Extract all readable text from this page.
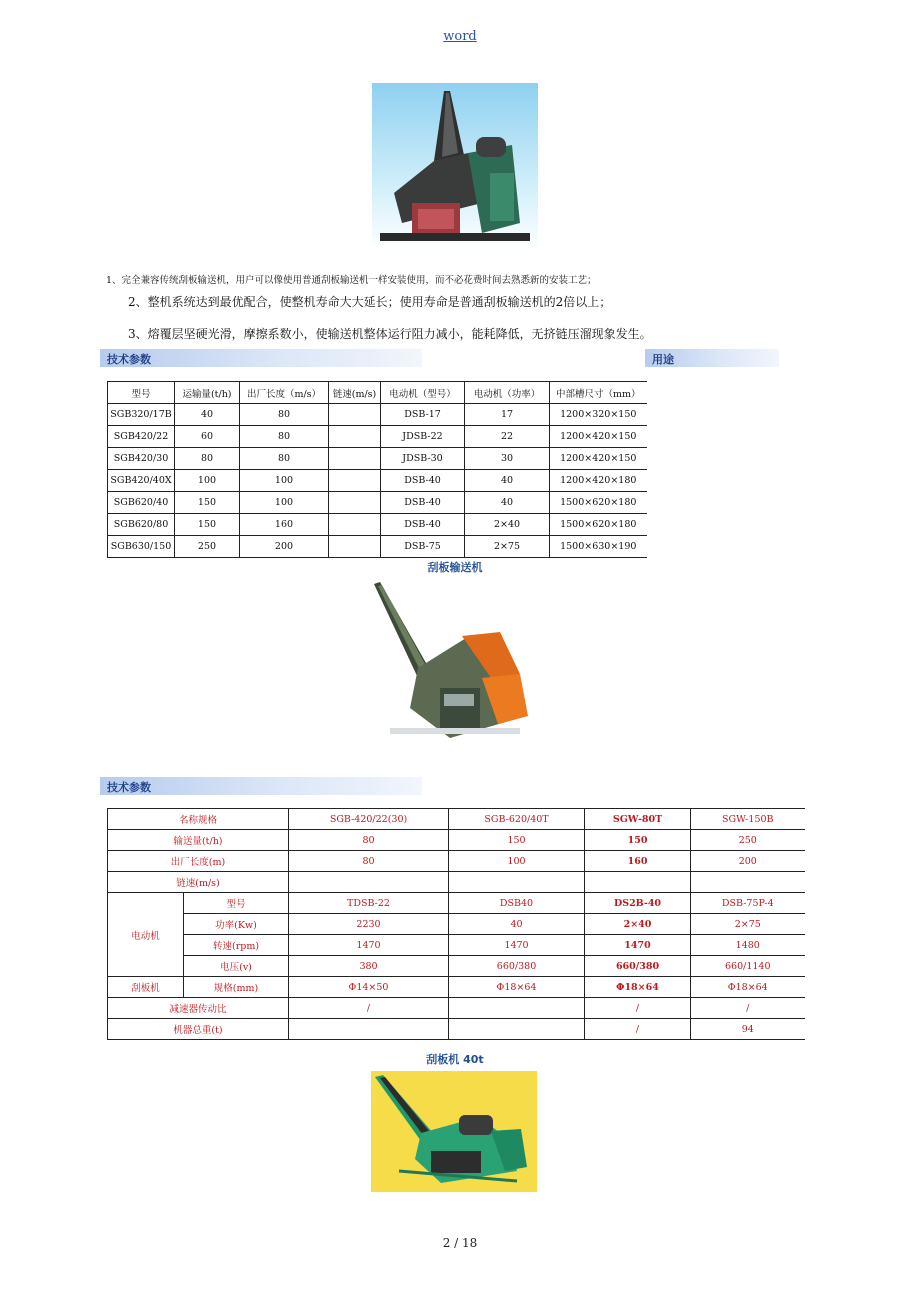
word
1、完全兼容传统刮板输送机，用户可以像使用普通刮板输送机一样安装使用，而不必花费时间去熟悉新的安装工艺；
2、整机系统达到最优配合，使整机寿命大大延长；使用寿命是普通刮板输送机的2倍以上；
3、熔覆层坚硬光滑，摩擦系数小，使输送机整体运行阻力减小，能耗降低，无挤链压溜现象发生。
技术参数	用途
型号	运输量(t/h)	出厂长度（m/s）	链速(m/s)	电动机（型号）	电动机（功率）	中部槽尺寸（mm）
SGB320/17B	40	80		DSB-17	17	1200×320×150
SGB420/22	60	80		JDSB-22	22	1200×420×150
SGB420/30	80	80		JDSB-30	30	1200×420×150
SGB420/40X	100	100		DSB-40	40	1200×420×180
SGB620/40	150	100		DSB-40	40	1500×620×180
SGB620/80	150	160		DSB-40	2×40	1500×620×180
SGB630/150	250	200		DSB-75	2×75	1500×630×190
刮板输送机
技术参数
名称规格		SGB-420/22(30)	SGB-620/40T	SGW-80T	SGW-150B
输送量(t/h)		80	150	150	250
出厂长度(m)		80	100	160	200
链速(m/s)					
电动机	型号	TDSB-22	DSB40	DS2B-40	DSB-75P-4
	功率(Kw)	2230	40	2×40	2×75
	转速(rpm)	1470	1470	1470	1480
	电压(v)	380	660/380	660/380	660/1140
刮板机	规格(mm)	Φ14×50	Φ18×64	Φ18×64	Φ18×64
减速器传动比		/		/	/
机器总重(t)				/	94
刮板机 40t
2 / 18
